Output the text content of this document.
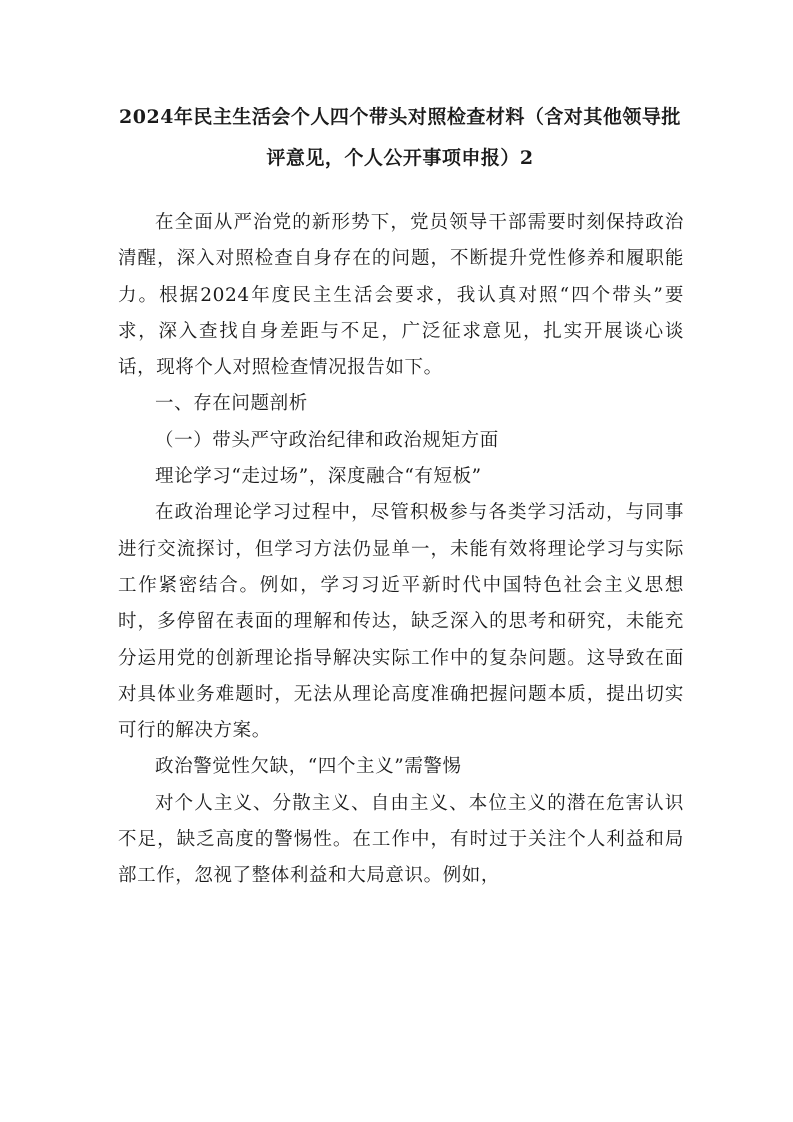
2024年民主生活会个人四个带头对照检查材料（含对其他领导批评意见，个人公开事项申报）2

在全面从严治党的新形势下，党员领导干部需要时刻保持政治清醒，深入对照检查自身存在的问题，不断提升党性修养和履职能力。根据2024年度民主生活会要求，我认真对照“四个带头”要求，深入查找自身差距与不足，广泛征求意见，扎实开展谈心谈话，现将个人对照检查情况报告如下。

一、存在问题剖析

（一）带头严守政治纪律和政治规矩方面

理论学习“走过场”，深度融合“有短板”

在政治理论学习过程中，尽管积极参与各类学习活动，与同事进行交流探讨，但学习方法仍显单一，未能有效将理论学习与实际工作紧密结合。例如，学习习近平新时代中国特色社会主义思想时，多停留在表面的理解和传达，缺乏深入的思考和研究，未能充分运用党的创新理论指导解决实际工作中的复杂问题。这导致在面对具体业务难题时，无法从理论高度准确把握问题本质，提出切实可行的解决方案。

政治警觉性欠缺，“四个主义”需警惕

对个人主义、分散主义、自由主义、本位主义的潜在危害认识不足，缺乏高度的警惕性。在工作中，有时过于关注个人利益和局部工作，忽视了整体利益和大局意识。例如，
